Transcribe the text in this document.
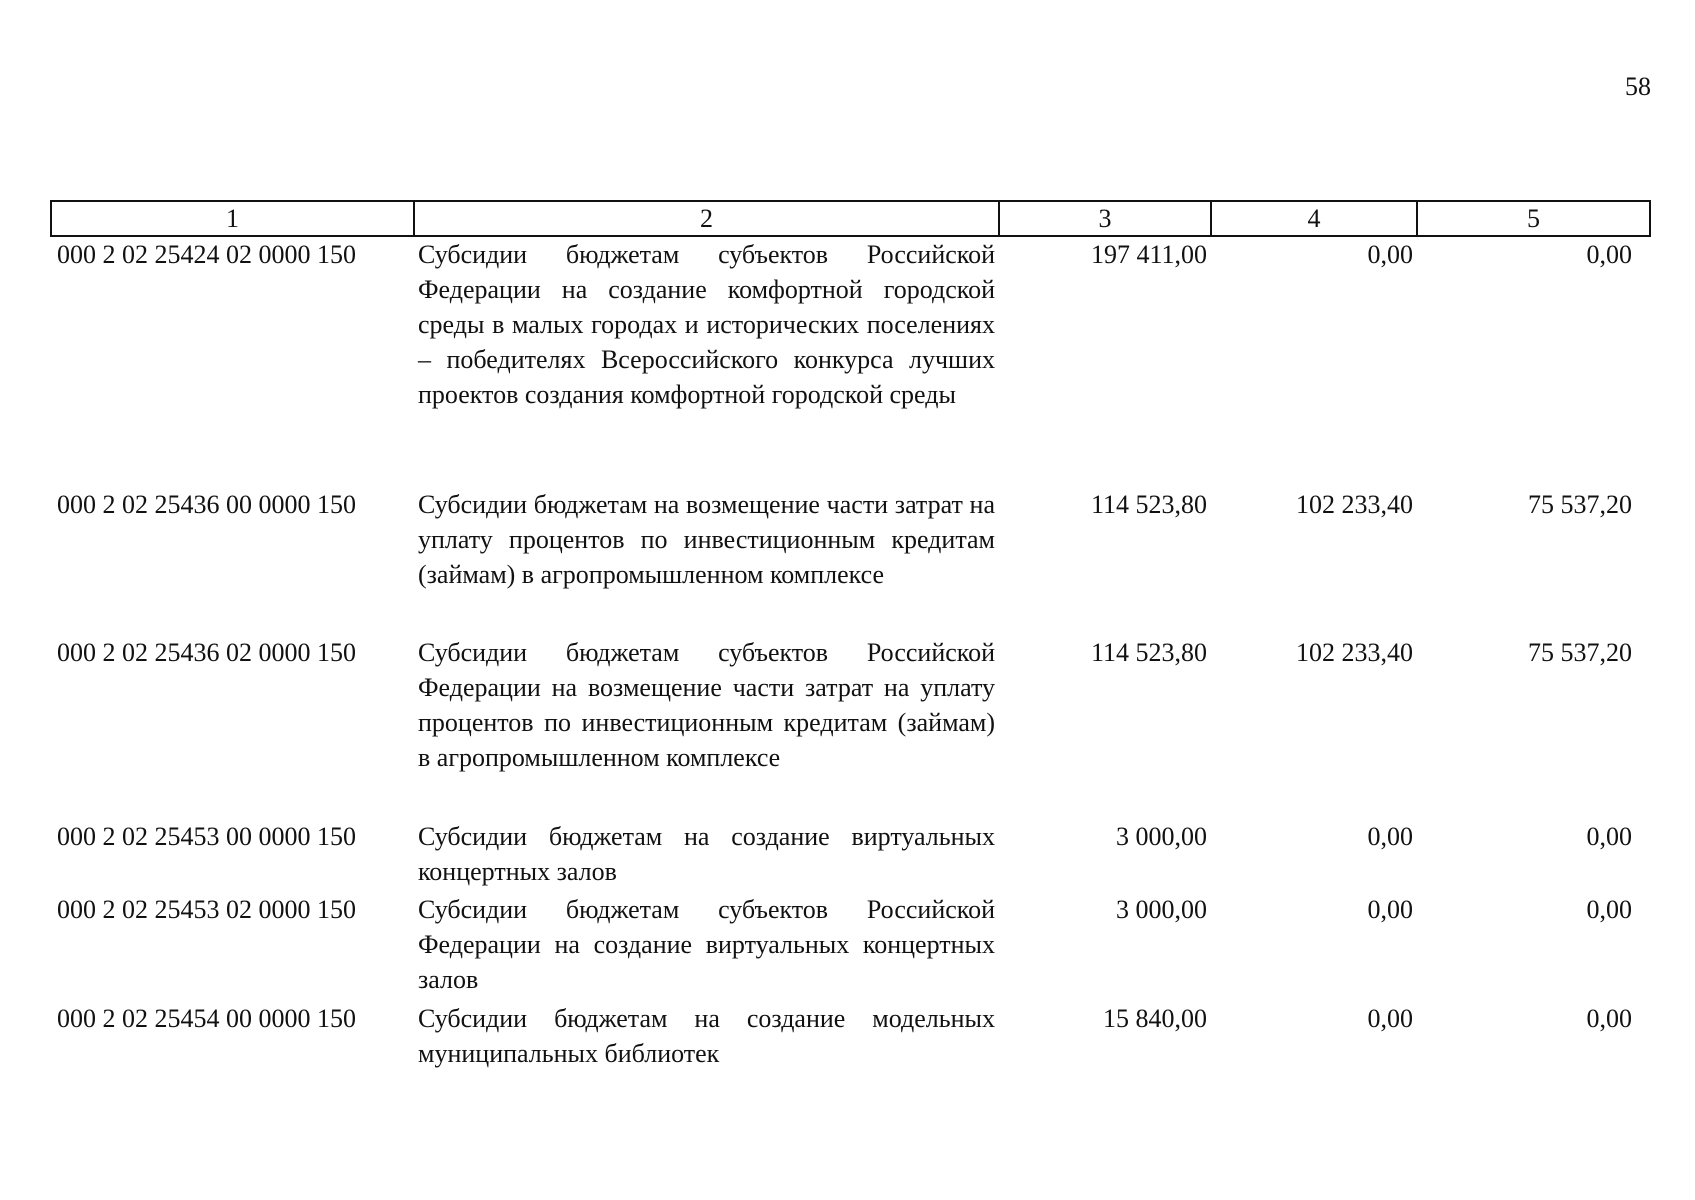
58
1	2	3	4	5
000 2 02 25424 02 0000 150	Субсидии бюджетам субъектов Российской Федерации на создание комфортной городской среды в малых городах и исторических поселениях – победителях Всероссийского конкурса лучших проектов создания комфортной городской среды	197 411,00	0,00	0,00
000 2 02 25436 00 0000 150	Субсидии бюджетам на возмещение части затрат на уплату процентов по инвестиционным кредитам (займам) в агропромышленном комплексе	114 523,80	102 233,40	75 537,20
000 2 02 25436 02 0000 150	Субсидии бюджетам субъектов Российской Федерации на возмещение части затрат на уплату процентов по инвестиционным кредитам (займам) в агропромышленном комплексе	114 523,80	102 233,40	75 537,20
000 2 02 25453 00 0000 150	Субсидии бюджетам на создание виртуальных концертных залов	3 000,00	0,00	0,00
000 2 02 25453 02 0000 150	Субсидии бюджетам субъектов Российской Федерации на создание виртуальных концертных залов	3 000,00	0,00	0,00
000 2 02 25454 00 0000 150	Субсидии бюджетам на создание модельных муниципальных библиотек	15 840,00	0,00	0,00
